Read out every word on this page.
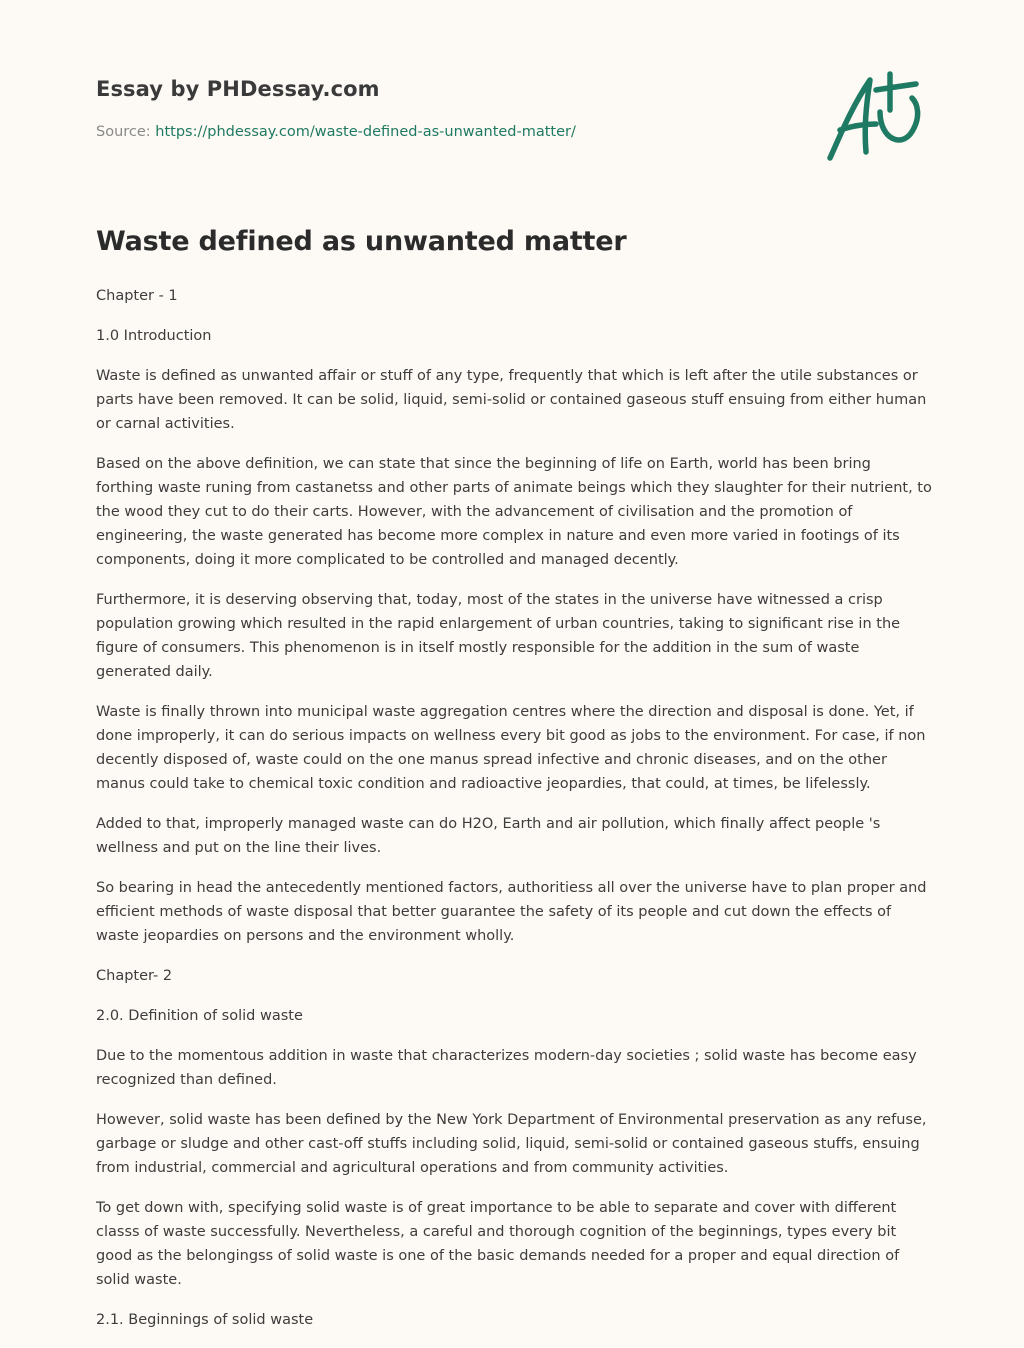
Essay by PHDessay.com
Source: https://phdessay.com/waste-defined-as-unwanted-matter/
Waste defined as unwanted matter

Chapter - 1

1.0 Introduction

Waste is defined as unwanted affair or stuff of any type, frequently that which is left after the utile substances or parts have been removed. It can be solid, liquid, semi-solid or contained gaseous stuff ensuing from either human or carnal activities.

Based on the above definition, we can state that since the beginning of life on Earth, world has been bring forthing waste runing from castanetss and other parts of animate beings which they slaughter for their nutrient, to the wood they cut to do their carts. However, with the advancement of civilisation and the promotion of engineering, the waste generated has become more complex in nature and even more varied in footings of its components, doing it more complicated to be controlled and managed decently.

Furthermore, it is deserving observing that, today, most of the states in the universe have witnessed a crisp population growing which resulted in the rapid enlargement of urban countries, taking to significant rise in the figure of consumers. This phenomenon is in itself mostly responsible for the addition in the sum of waste generated daily.

Waste is finally thrown into municipal waste aggregation centres where the direction and disposal is done. Yet, if done improperly, it can do serious impacts on wellness every bit good as jobs to the environment. For case, if non decently disposed of, waste could on the one manus spread infective and chronic diseases, and on the other manus could take to chemical toxic condition and radioactive jeopardies, that could, at times, be lifelessly.

Added to that, improperly managed waste can do H2O, Earth and air pollution, which finally affect people 's wellness and put on the line their lives.

So bearing in head the antecedently mentioned factors, authoritiess all over the universe have to plan proper and efficient methods of waste disposal that better guarantee the safety of its people and cut down the effects of waste jeopardies on persons and the environment wholly.

Chapter- 2

2.0. Definition of solid waste

Due to the momentous addition in waste that characterizes modern-day societies ; solid waste has become easy recognized than defined.

However, solid waste has been defined by the New York Department of Environmental preservation as any refuse, garbage or sludge and other cast-off stuffs including solid, liquid, semi-solid or contained gaseous stuffs, ensuing from industrial, commercial and agricultural operations and from community activities.

To get down with, specifying solid waste is of great importance to be able to separate and cover with different classs of waste successfully. Nevertheless, a careful and thorough cognition of the beginnings, types every bit good as the belongingss of solid waste is one of the basic demands needed for a proper and equal direction of solid waste.

2.1. Beginnings of solid waste
